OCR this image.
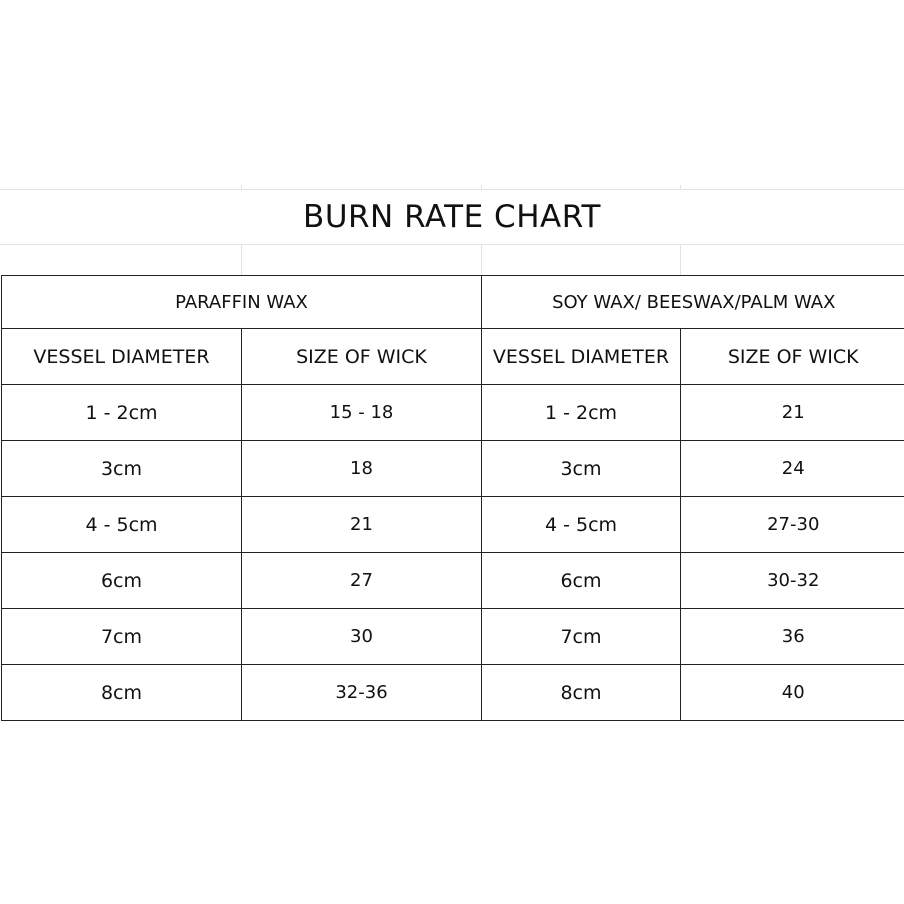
BURN RATE CHART
PARAFFIN WAX		SOY WAX/ BEESWAX/PALM WAX	
VESSEL DIAMETER	SIZE OF WICK	VESSEL DIAMETER	SIZE OF WICK
1 - 2cm	15 - 18	1 - 2cm	21
3cm	18	3cm	24
4 - 5cm	21	4 - 5cm	27-30
6cm	27	6cm	30-32
7cm	30	7cm	36
8cm	32-36	8cm	40
